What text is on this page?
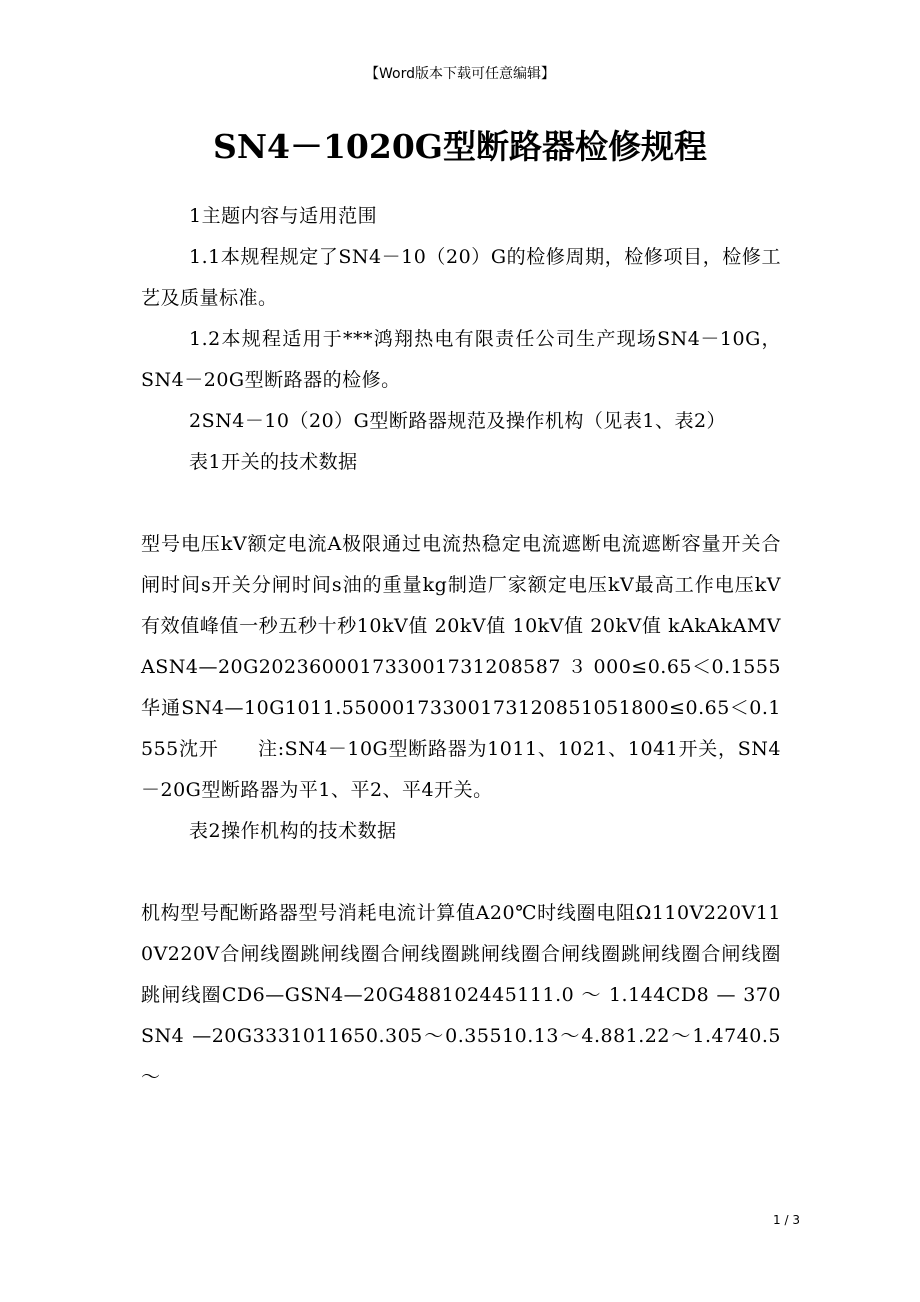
【Word版本下载可任意编辑】
SN4－1020G型断路器检修规程

1主题内容与适用范围

1.1本规程规定了SN4－10（20）G的检修周期，检修项目，检修工艺及质量标准。

1.2本规程适用于***鸿翔热电有限责任公司生产现场SN4－10G，SN4－20G型断路器的检修。

2SN4－10（20）G型断路器规范及操作机构（见表1、表2）

表1开关的技术数据

型号电压kV额定电流A极限通过电流热稳定电流遮断电流遮断容量开关合闸时间s开关分闸时间s油的重量kg制造厂家额定电压kV最高工作电压kV有效值峰值一秒五秒十秒10kV值 20kV值 10kV值 20kV值 kAkAkAMVASN4—20G202360001733001731208587３000≤0.65＜0.1555华通SN4—10G1011.55000173300173120851051800≤0.65＜0.1555沈开　　注:SN4－10G型断路器为1011、1021、1041开关，SN4－20G型断路器为平1、平2、平4开关。

表2操作机构的技术数据

机构型号配断路器型号消耗电流计算值A20℃时线圈电阻Ω110V220V110V220V合闸线圈跳闸线圈合闸线圈跳闸线圈合闸线圈跳闸线圈合闸线圈跳闸线圈CD6—GSN4—20G488102445111.0 ～ 1.144CD8 — 370SN4 —20G3331011650.305～0.35510.13～4.881.22～1.4740.5～

1 / 3
